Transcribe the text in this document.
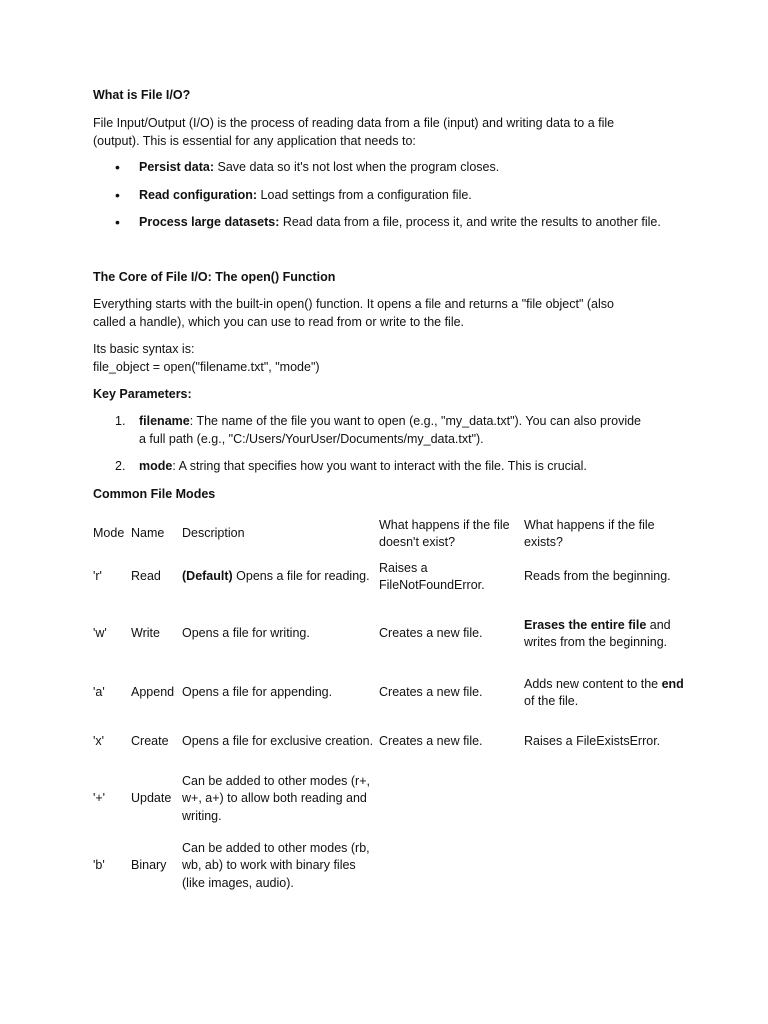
What is File I/O?
File Input/Output (I/O) is the process of reading data from a file (input) and writing data to a file
(output). This is essential for any application that needs to:
• Persist data: Save data so it's not lost when the program closes.
• Read configuration: Load settings from a configuration file.
• Process large datasets: Read data from a file, process it, and write the results to another file.
The Core of File I/O: The open() Function
Everything starts with the built-in open() function. It opens a file and returns a "file object" (also
called a handle), which you can use to read from or write to the file.
Its basic syntax is:
file_object = open("filename.txt", "mode")
Key Parameters:
1. filename: The name of the file you want to open (e.g., "my_data.txt"). You can also provide
a full path (e.g., "C:/Users/YourUser/Documents/my_data.txt").
2. mode: A string that specifies how you want to interact with the file. This is crucial.
Common File Modes
Mode	Name	Description	What happens if the file doesn't exist?	What happens if the file exists?
'r'	Read	(Default) Opens a file for reading.	Raises a FileNotFoundError.	Reads from the beginning.
'w'	Write	Opens a file for writing.	Creates a new file.	Erases the entire file and writes from the beginning.
'a'	Append	Opens a file for appending.	Creates a new file.	Adds new content to the end of the file.
'x'	Create	Opens a file for exclusive creation.	Creates a new file.	Raises a FileExistsError.
'+'	Update	Can be added to other modes (r+, w+, a+) to allow both reading and writing.		
'b'	Binary	Can be added to other modes (rb, wb, ab) to work with binary files (like images, audio).		
